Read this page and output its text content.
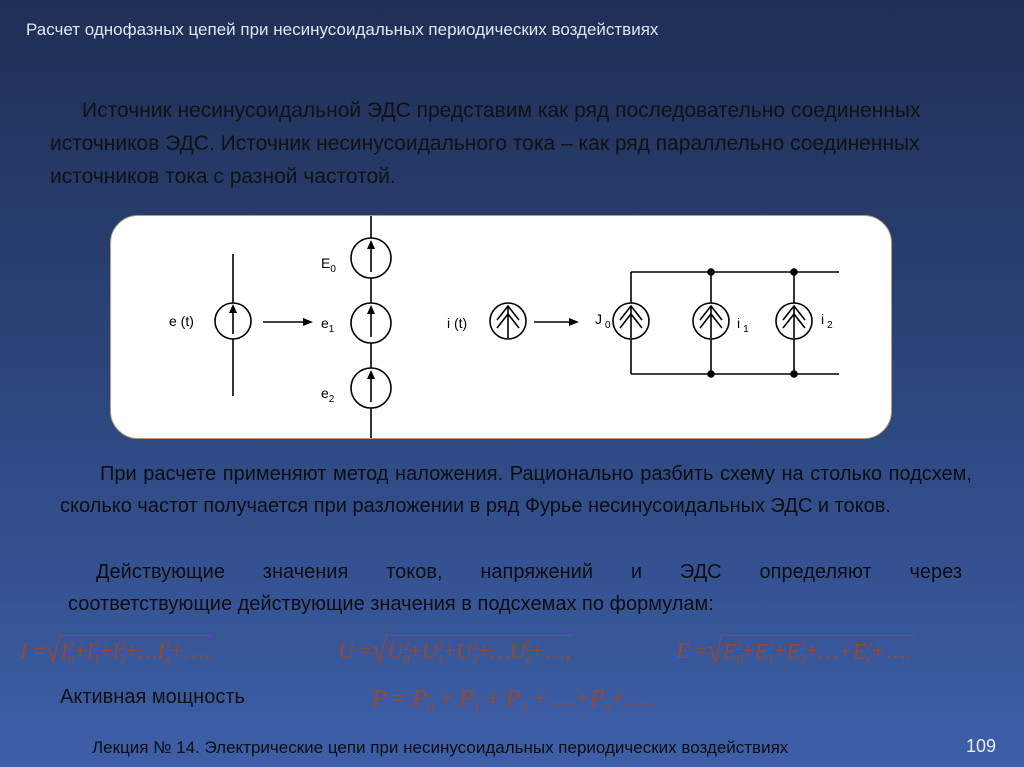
Расчет однофазных цепей при несинусоидальных периодических воздействиях
Источник несинусоидальной ЭДС представим как ряд последовательно соединенных источников ЭДС. Источник несинусоидального тока – как ряд параллельно соединенных источников тока с разной частотой.
e (t)
$E_0$
$e_1$
$e_2$
i (t)	J $_0$	i $_1$
i $_2$
При расчете применяют метод наложения. Рационально разбить схему на столько подсхем, сколько частот получается при разложении в ряд Фурье несинусоидальных ЭДС и токов.
Действующие значения токов, напряжений и ЭДС определяют через
соответствующие действующие значения в подсхемах по формулам:
$I =√I_0^2+I_1^2+I_2^2+\dots I_к^2+\dots$,	$U =√U_0^2+U_1^2+U_2^2+\dots U_к^2+\dots$,	$E =√E_0^2+E_1^2+E_2^2+\dots+E_к^2+\dots$.
Активная мощность	$P = P_0 + P_1 + P_2$ + $\dots+P_к+\dots$.
Лекция № 14. Электрические цепи при несинусоидальных периодических воздействиях	109
